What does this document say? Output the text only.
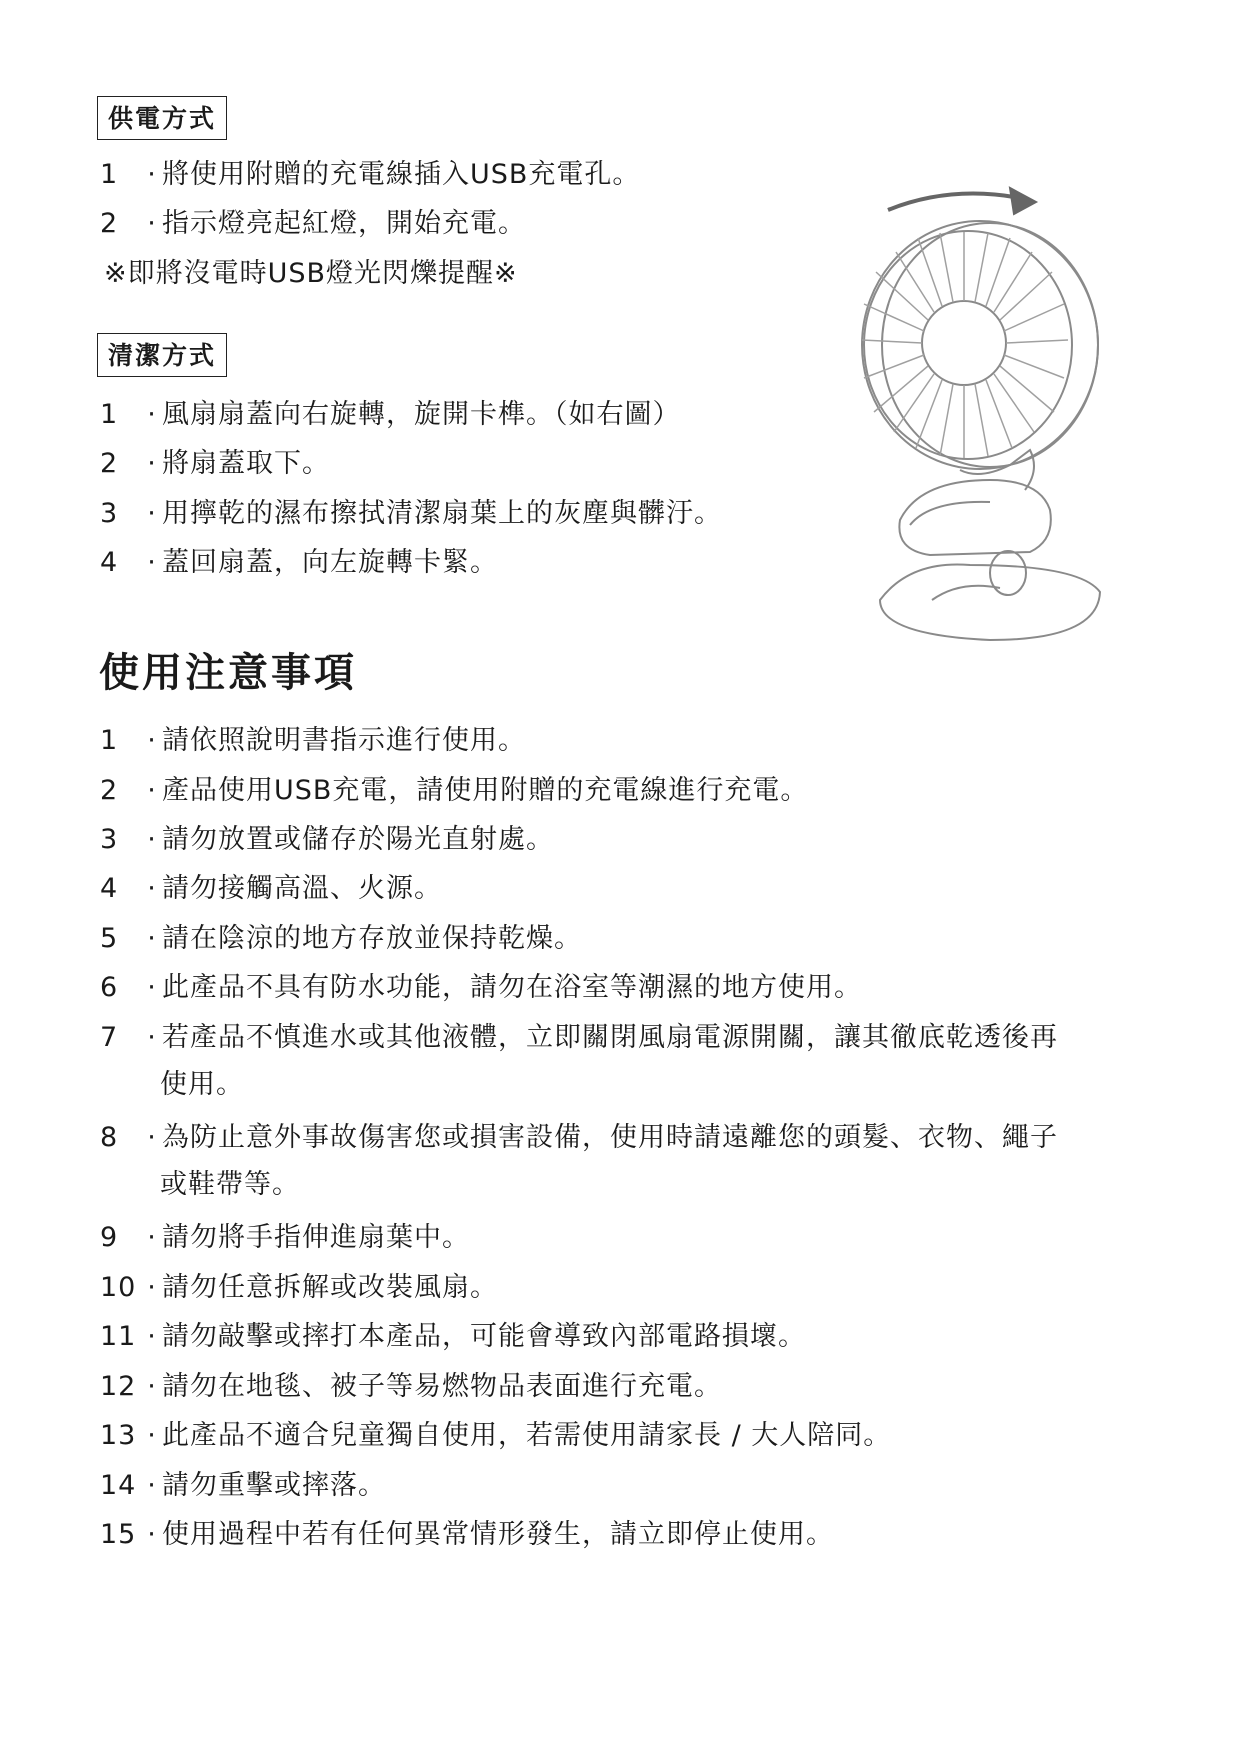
供電方式
1 · 將使用附贈的充電線插入USB充電孔。
2 · 指示燈亮起紅燈，開始充電。
※即將沒電時USB燈光閃爍提醒※
清潔方式
1 · 風扇扇蓋向右旋轉，旋開卡榫。（如右圖）
2 · 將扇蓋取下。
3 · 用擰乾的濕布擦拭清潔扇葉上的灰塵與髒汙。
4 · 蓋回扇蓋，向左旋轉卡緊。
使用注意事項
1 · 請依照說明書指示進行使用。
2 · 產品使用USB充電，請使用附贈的充電線進行充電。
3 · 請勿放置或儲存於陽光直射處。
4 · 請勿接觸高溫、火源。
5 · 請在陰涼的地方存放並保持乾燥。
6 · 此產品不具有防水功能，請勿在浴室等潮濕的地方使用。
7 · 若產品不慎進水或其他液體，立即關閉風扇電源開關，讓其徹底乾透後再
使用。
8 · 為防止意外事故傷害您或損害設備，使用時請遠離您的頭髮、衣物、繩子
或鞋帶等。
9 · 請勿將手指伸進扇葉中。
10 · 請勿任意拆解或改裝風扇。
11 · 請勿敲擊或摔打本產品，可能會導致內部電路損壞。
12 · 請勿在地毯、被子等易燃物品表面進行充電。
13 · 此產品不適合兒童獨自使用，若需使用請家長 / 大人陪同。
14 · 請勿重擊或摔落。
15 · 使用過程中若有任何異常情形發生，請立即停止使用。
